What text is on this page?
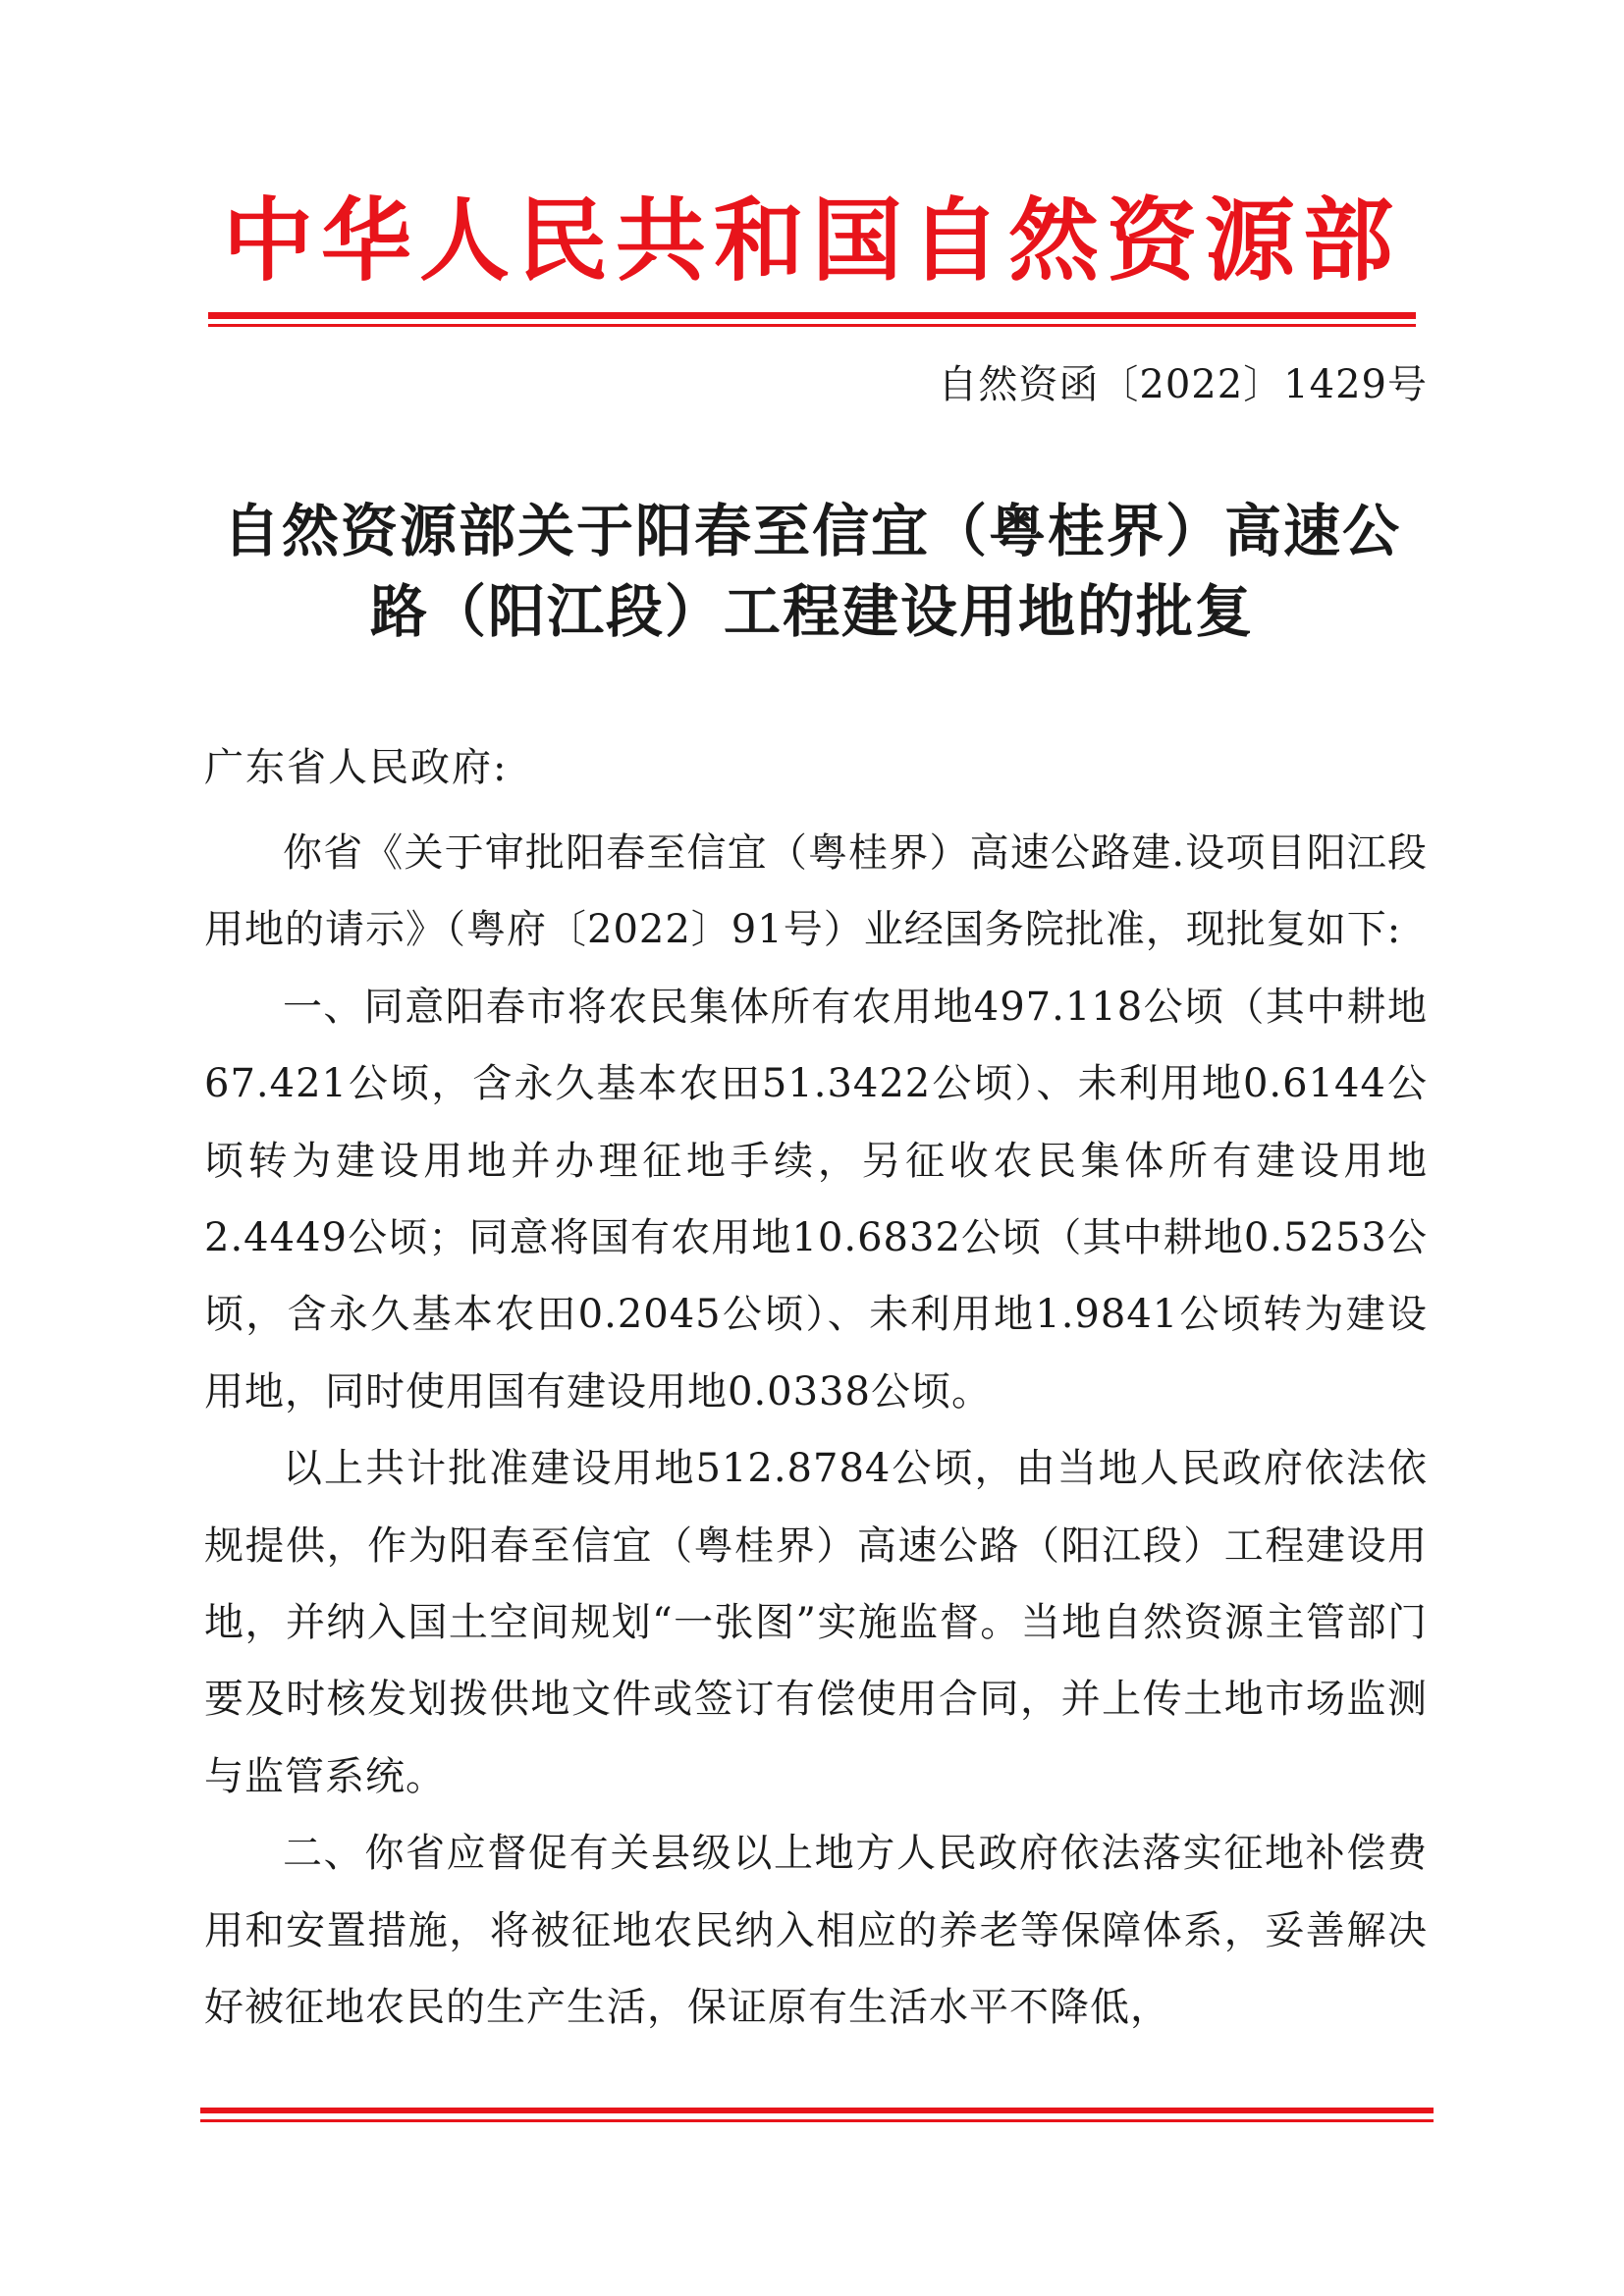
中华人民共和国自然资源部
自然资函〔2022〕1429号
自然资源部关于阳春至信宜（粤桂界）高速公
路（阳江段）工程建设用地的批复
广东省人民政府:

你省《关于审批阳春至信宜（粤桂界）高速公路建.设项目阳江段用地的请示》（粤府〔2022〕91号）业经国务院批准，现批复如下:

一、同意阳春市将农民集体所有农用地497.118公顷（其中耕地67.421公顷，含永久基本农田51.3422公顷）、未利用地0.6144公顷转为建设用地并办理征地手续，另征收农民集体所有建设用地2.4449公顷；同意将国有农用地10.6832公顷（其中耕地0.5253公顷，含永久基本农田0.2045公顷）、未利用地1.9841公顷转为建设用地，同时使用国有建设用地0.0338公顷。

以上共计批准建设用地512.8784公顷，由当地人民政府依法依规提供，作为阳春至信宜（粤桂界）高速公路（阳江段）工程建设用地，并纳入国土空间规划“一张图”实施监督。当地自然资源主管部门要及时核发划拨供地文件或签订有偿使用合同，并上传土地市场监测与监管系统。

二、你省应督促有关县级以上地方人民政府依法落实征地补偿费用和安置措施，将被征地农民纳入相应的养老等保障体系，妥善解决好被征地农民的生产生活，保证原有生活水平不降低，
